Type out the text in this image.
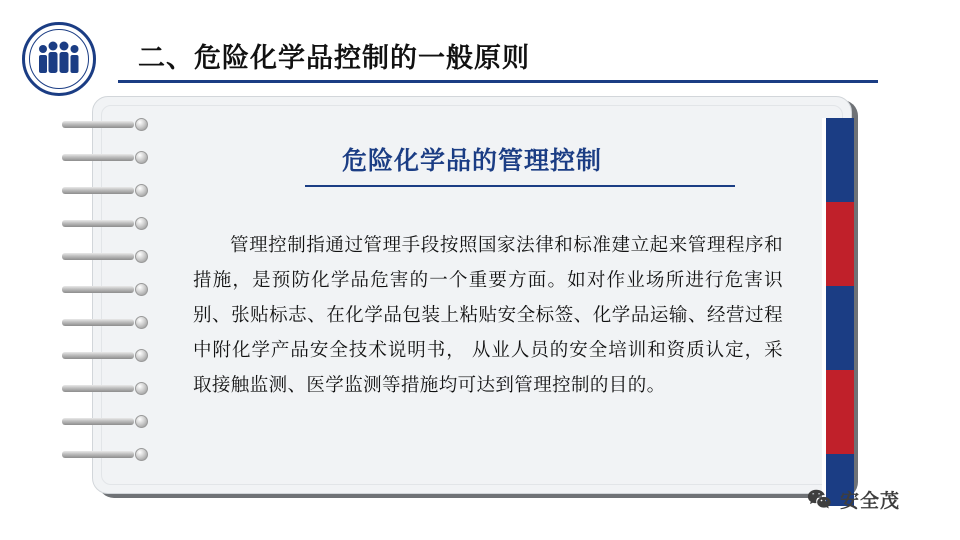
二、危险化学品控制的一般原则
危险化学品的管理控制
管理控制指通过管理手段按照国家法律和标准建立起来管理程序和措施，是预防化学品危害的一个重要方面。如对作业场所进行危害识别、张贴标志、在化学品包装上粘贴安全标签、化学品运输、经营过程中附化学产品安全技术说明书， 从业人员的安全培训和资质认定，采取接触监测、医学监测等措施均可达到管理控制的目的。
安全茂
